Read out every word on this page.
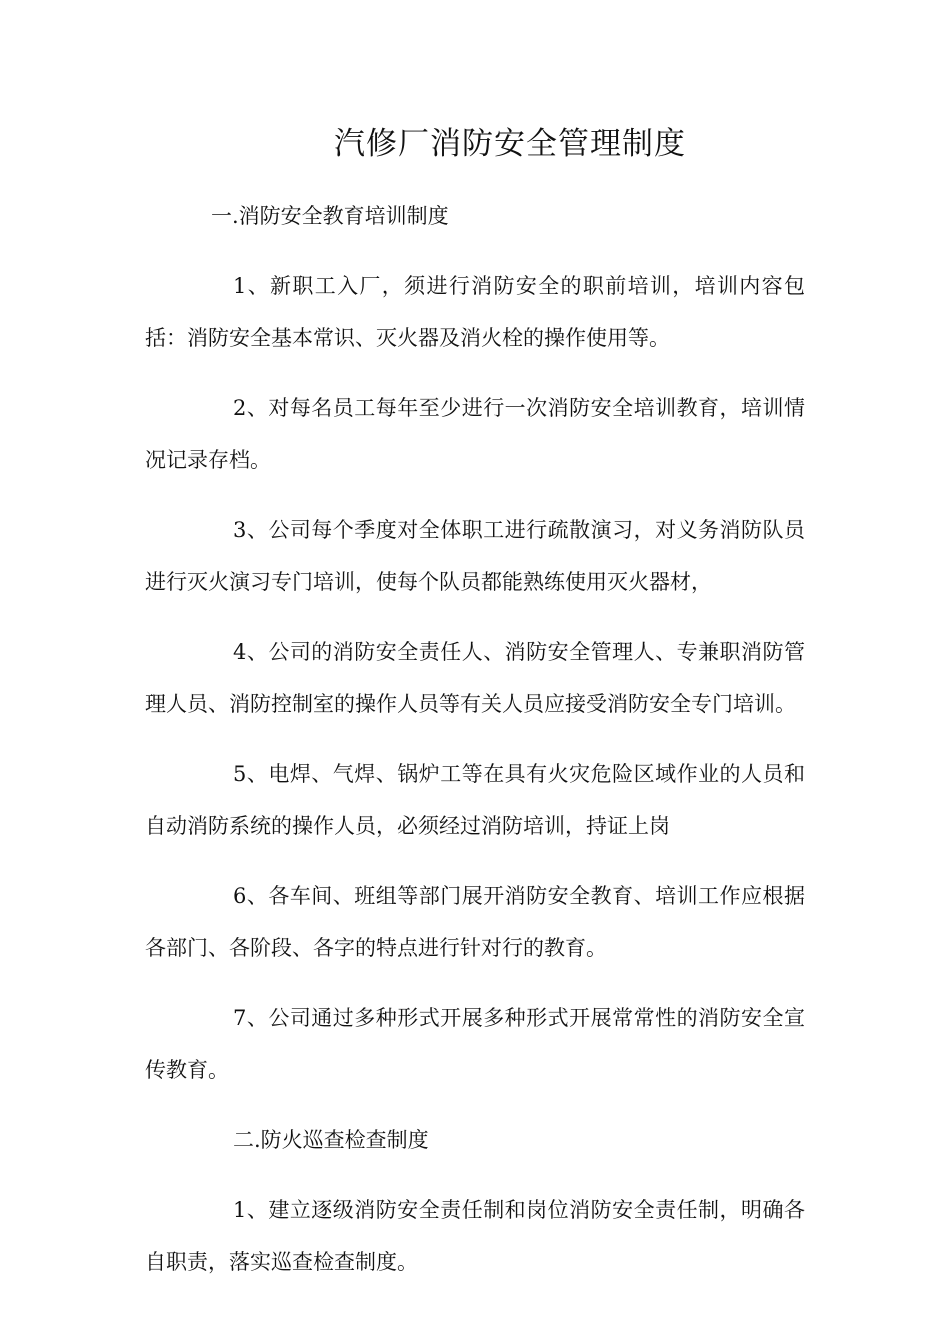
汽修厂消防安全管理制度

一.消防安全教育培训制度

1、新职工入厂，须进行消防安全的职前培训，培训内容包括：消防安全基本常识、灭火器及消火栓的操作使用等。

2、对每名员工每年至少进行一次消防安全培训教育，培训情况记录存档。

3、公司每个季度对全体职工进行疏散演习，对义务消防队员进行灭火演习专门培训，使每个队员都能熟练使用灭火器材，

4、公司的消防安全责任人、消防安全管理人、专兼职消防管理人员、消防控制室的操作人员等有关人员应接受消防安全专门培训。

5、电焊、气焊、锅炉工等在具有火灾危险区域作业的人员和自动消防系统的操作人员，必须经过消防培训，持证上岗

6、各车间、班组等部门展开消防安全教育、培训工作应根据各部门、各阶段、各字的特点进行针对行的教育。

7、公司通过多种形式开展多种形式开展常常性的消防安全宣传教育。

二.防火巡查检查制度

1、建立逐级消防安全责任制和岗位消防安全责任制，明确各自职责，落实巡查检查制度。
